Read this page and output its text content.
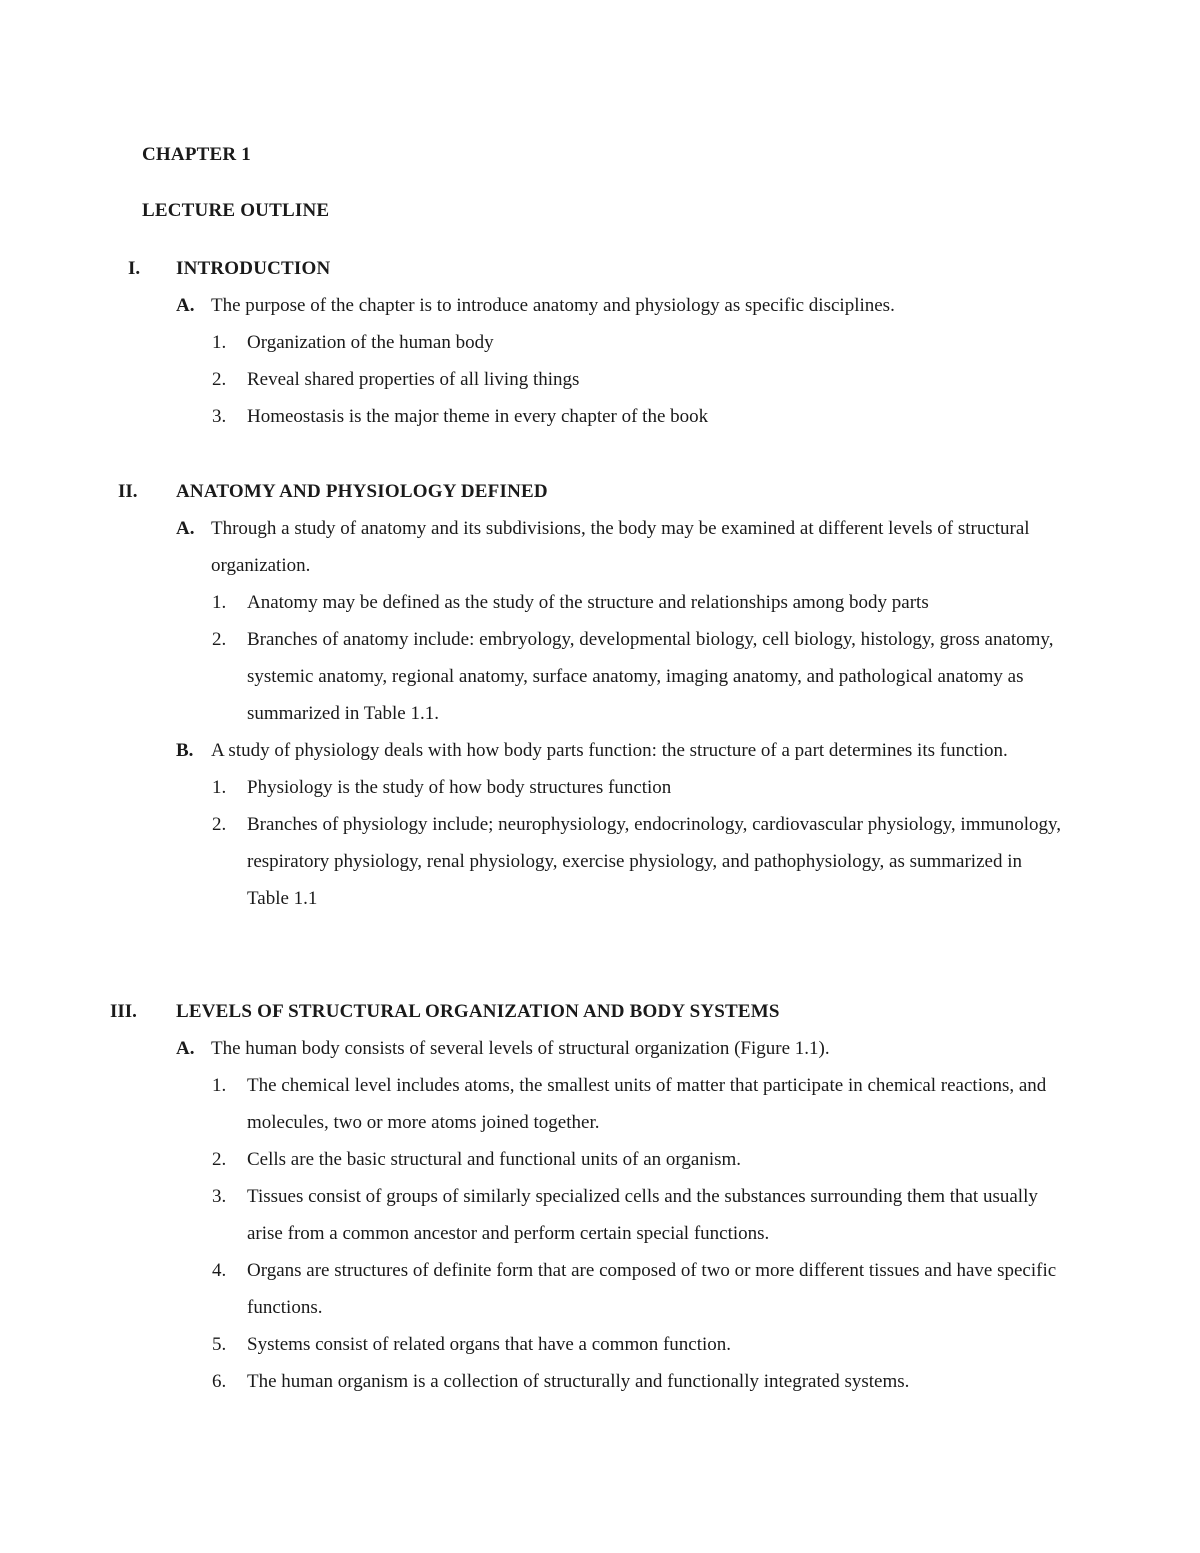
CHAPTER 1
LECTURE OUTLINE
I. INTRODUCTION
A. The purpose of the chapter is to introduce anatomy and physiology as specific disciplines.
1. Organization of the human body
2. Reveal shared properties of all living things
3. Homeostasis is the major theme in every chapter of the book
II. ANATOMY AND PHYSIOLOGY DEFINED
A. Through a study of anatomy and its subdivisions, the body may be examined at different levels of structural organization.
1. Anatomy may be defined as the study of the structure and relationships among body parts
2. Branches of anatomy include: embryology, developmental biology, cell biology, histology, gross anatomy, systemic anatomy, regional anatomy, surface anatomy, imaging anatomy, and pathological anatomy as summarized in Table 1.1.
B. A study of physiology deals with how body parts function: the structure of a part determines its function.
1. Physiology is the study of how body structures function
2. Branches of physiology include; neurophysiology, endocrinology, cardiovascular physiology, immunology, respiratory physiology, renal physiology, exercise physiology, and pathophysiology, as summarized in Table 1.1
III. LEVELS OF STRUCTURAL ORGANIZATION AND BODY SYSTEMS
A. The human body consists of several levels of structural organization (Figure 1.1).
1. The chemical level includes atoms, the smallest units of matter that participate in chemical reactions, and molecules, two or more atoms joined together.
2. Cells are the basic structural and functional units of an organism.
3. Tissues consist of groups of similarly specialized cells and the substances surrounding them that usually arise from a common ancestor and perform certain special functions.
4. Organs are structures of definite form that are composed of two or more different tissues and have specific functions.
5. Systems consist of related organs that have a common function.
6. The human organism is a collection of structurally and functionally integrated systems.
